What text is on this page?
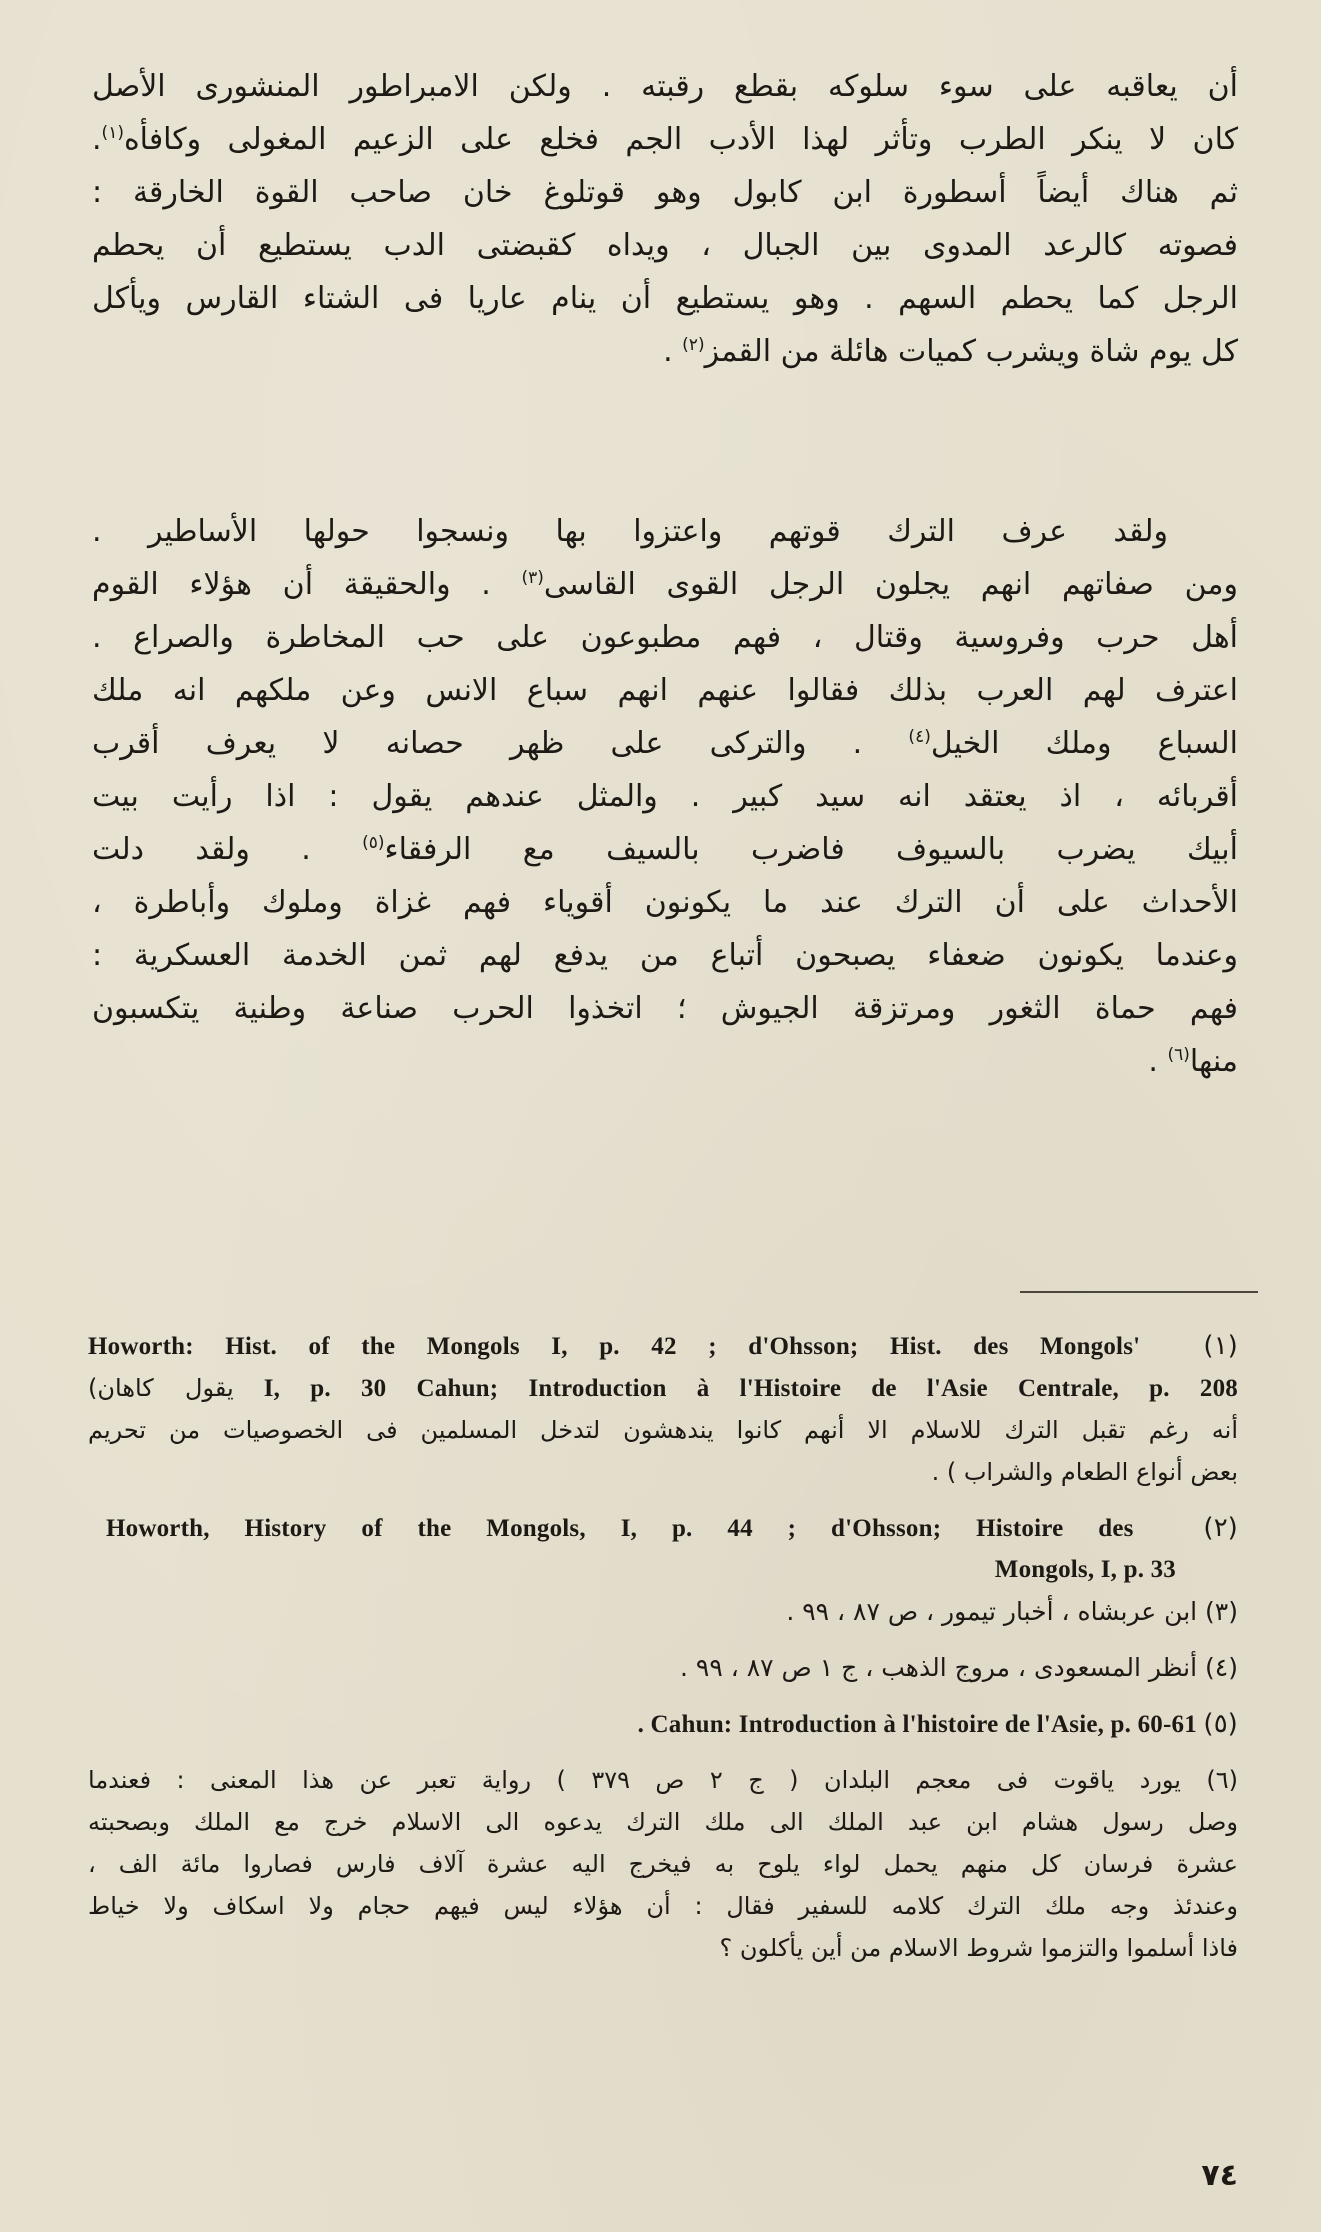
أن يعاقبه على سوء سلوكه بقطع رقبته . ولكن الامبراطور المنشورى الأصل
كان لا ينكر الطرب وتأثر لهذا الأدب الجم فخلع على الزعيم المغولى وكافأه$^{(١)}$.
ثم هناك أيضاً أسطورة ابن كابول وهو قوتلوغ خان صاحب القوة الخارقة :
فصوته كالرعد المدوى بين الجبال ، ويداه كقبضتى الدب يستطيع أن يحطم
الرجل كما يحطم السهم . وهو يستطيع أن ينام عاريا فى الشتاء القارس ويأكل
كل يوم شاة ويشرب كميات هائلة من القمز$^{(٢)}$ .
ولقد عرف الترك قوتهم واعتزوا بها ونسجوا حولها الأساطير .
ومن صفاتهم انهم يجلون الرجل القوى القاسى$^{(٣)}$ . والحقيقة أن هؤلاء القوم
أهل حرب وفروسية وقتال ، فهم مطبوعون على حب المخاطرة والصراع .
اعترف لهم العرب بذلك فقالوا عنهم انهم سباع الانس وعن ملكهم انه ملك
السباع وملك الخيل$^{(٤)}$ . والتركى على ظهر حصانه لا يعرف أقرب
أقربائه ، اذ يعتقد انه سيد كبير . والمثل عندهم يقول : اذا رأيت بيت
أبيك يضرب بالسيوف فاضرب بالسيف مع الرفقاء$^{(٥)}$ . ولقد دلت
الأحداث على أن الترك عند ما يكونون أقوياء فهم غزاة وملوك وأباطرة ،
وعندما يكونون ضعفاء يصبحون أتباع من يدفع لهم ثمن الخدمة العسكرية :
فهم حماة الثغور ومرتزقة الجيوش ؛ اتخذوا الحرب صناعة وطنية يتكسبون
منها$^{(٦)}$ .
Howorth: Hist. of the Mongols I, p. 42 ; d'Ohsson; Hist. des Mongols' (١)
(يقول كاهان I, p. 30 Cahun; Introduction à l'Histoire de l'Asie Centrale, p. 208
أنه رغم تقبل الترك للاسلام الا أنهم كانوا يندهشون لتدخل المسلمين فى الخصوصيات من تحريم
بعض أنواع الطعام والشراب ) .
Howorth, History of the Mongols, I, p. 44 ; d'Ohsson; Histoire des	(٢)
Mongols, I, p. 33
(٣) ابن عربشاه ، أخبار تيمور ، ص ٨٧ ، ٩٩ .
(٤) أنظر المسعودى ، مروج الذهب ، ج ١ ص ٨٧ ، ٩٩ .
. Cahun: Introduction à l'histoire de l'Asie, p. 60-61 (٥)
(٦) يورد ياقوت فى معجم البلدان ( ج ٢ ص ٣٧٩ ) رواية تعبر عن هذا المعنى : فعندما
وصل رسول هشام ابن عبد الملك الى ملك الترك يدعوه الى الاسلام خرج مع الملك وبصحبته
عشرة فرسان كل منهم يحمل لواء يلوح به فيخرج اليه عشرة آلاف فارس فصاروا مائة الف ،
وعندئذ وجه ملك الترك كلامه للسفير فقال : أن هؤلاء ليس فيهم حجام ولا اسكاف ولا خياط
فاذا أسلموا والتزموا شروط الاسلام من أين يأكلون ؟
٧٤
